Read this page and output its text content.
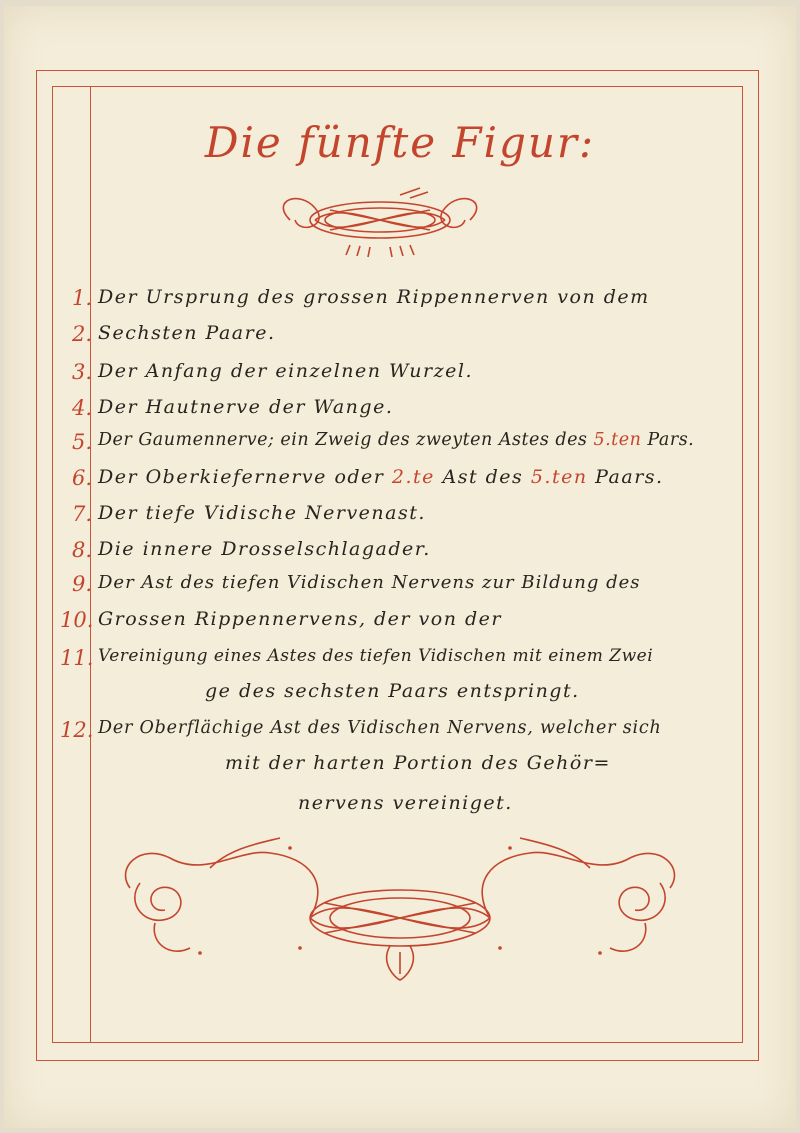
Die fünfte Figur:
1. Der Ursprung des grossen Rippennerven von dem
2. Sechsten Paare.
3. Der Anfang der einzelnen Wurzel.
4. Der Hautnerve der Wange.
5. Der Gaumennerve; ein Zweig des zweyten Astes des 5.ten Pars.
6. Der Oberkiefernerve oder 2.te Ast des 5.ten Paars.
7. Der tiefe Vidische Nervenast.
8. Die innere Drosselschlagader.
9. Der Ast des tiefen Vidischen Nervens zur Bildung des
10. Grossen Rippennervens, der von der
11. Vereinigung eines Astes des tiefen Vidischen mit einem Zwei
ge des sechsten Paars entspringt.
12. Der Oberflächige Ast des Vidischen Nervens, welcher sich
mit der harten Portion des Gehör=
nervens vereiniget.
